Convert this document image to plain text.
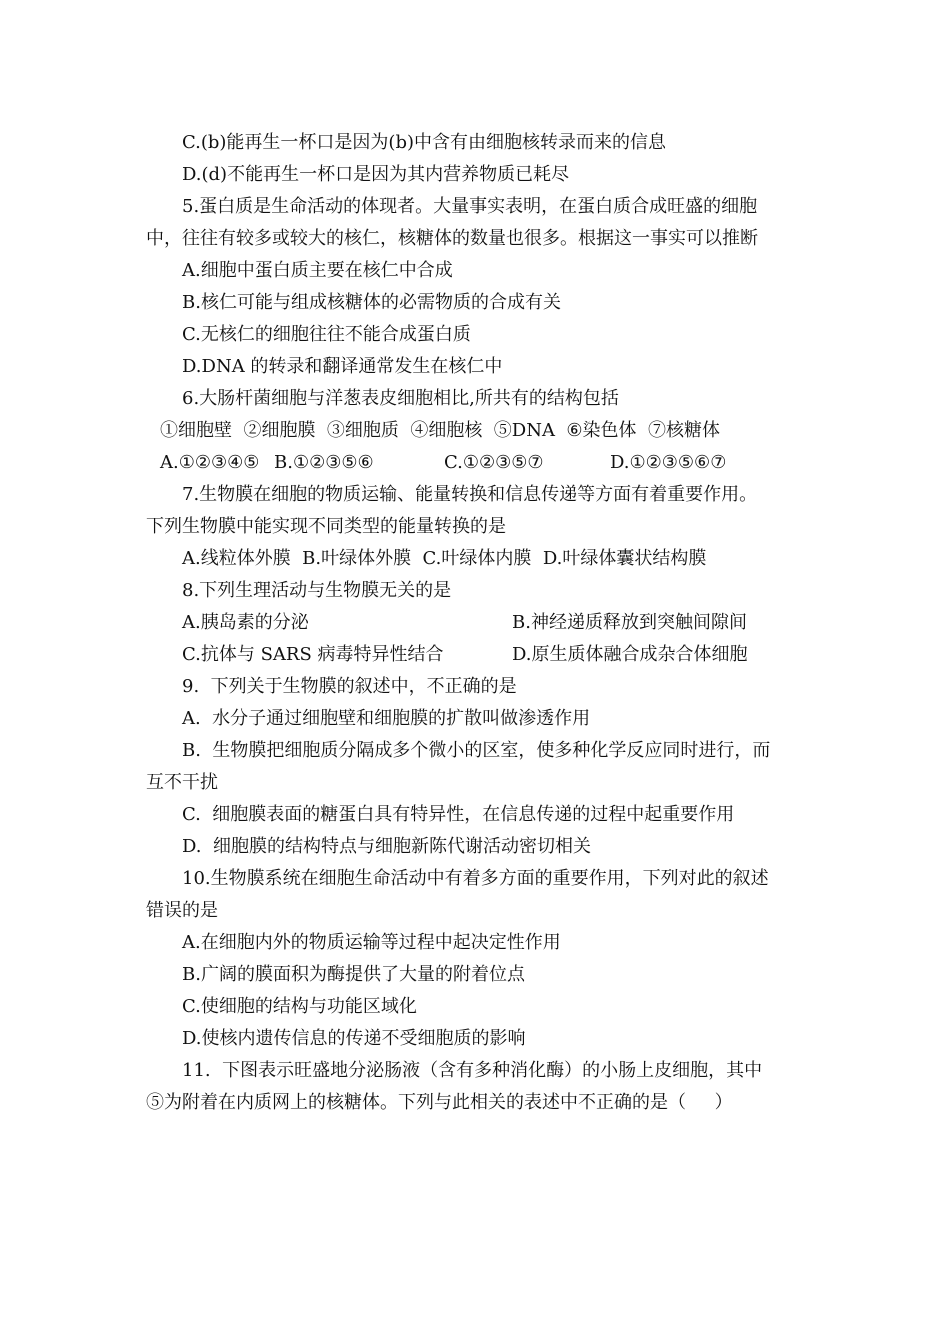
C.(b)能再生一杯口是因为(b)中含有由细胞核转录而来的信息
D.(d)不能再生一杯口是因为其内营养物质已耗尽
5.蛋白质是生命活动的体现者。大量事实表明，在蛋白质合成旺盛的细胞
中，往往有较多或较大的核仁，核糖体的数量也很多。根据这一事实可以推断
A.细胞中蛋白质主要在核仁中合成
B.核仁可能与组成核糖体的必需物质的合成有关
C.无核仁的细胞往往不能合成蛋白质
D.DNA 的转录和翻译通常发生在核仁中
6.大肠杆菌细胞与洋葱表皮细胞相比,所共有的结构包括
①细胞壁  ②细胞膜  ③细胞质  ④细胞核  ⑤DNA  ⑥染色体  ⑦核糖体
A.①②③④⑤ B.①②③⑤⑥	C.①②③⑤⑦	D.①②③⑤⑥⑦
7.生物膜在细胞的物质运输、能量转换和信息传递等方面有着重要作用。
下列生物膜中能实现不同类型的能量转换的是
A.线粒体外膜  B.叶绿体外膜  C.叶绿体内膜  D.叶绿体囊状结构膜
8.下列生理活动与生物膜无关的是
A.胰岛素的分泌	B.神经递质释放到突触间隙间
C.抗体与 SARS 病毒特异性结合	D.原生质体融合成杂合体细胞
9.  下列关于生物膜的叙述中，不正确的是
A.  水分子通过细胞壁和细胞膜的扩散叫做渗透作用
B.  生物膜把细胞质分隔成多个微小的区室，使多种化学反应同时进行，而
互不干扰
C.  细胞膜表面的糖蛋白具有特异性，在信息传递的过程中起重要作用
D.  细胞膜的结构特点与细胞新陈代谢活动密切相关
10.生物膜系统在细胞生命活动中有着多方面的重要作用，下列对此的叙述
错误的是
A.在细胞内外的物质运输等过程中起决定性作用
B.广阔的膜面积为酶提供了大量的附着位点
C.使细胞的结构与功能区域化
D.使核内遗传信息的传递不受细胞质的影响
11.  下图表示旺盛地分泌肠液（含有多种消化酶）的小肠上皮细胞，其中
⑤为附着在内质网上的核糖体。下列与此相关的表述中不正确的是（     ）
